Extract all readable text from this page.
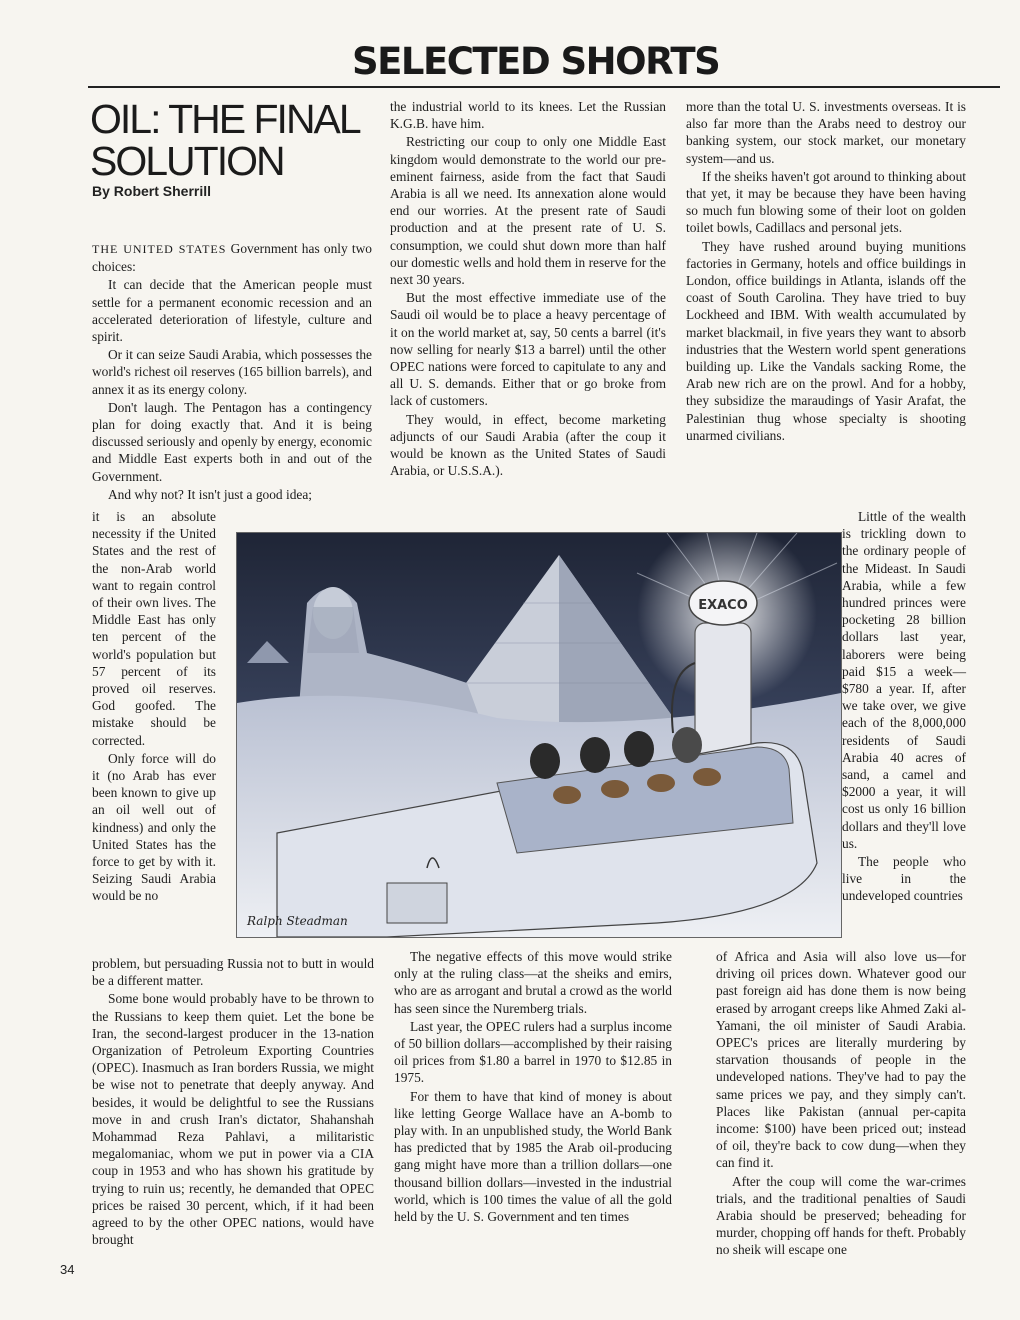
SELECTED SHORTS
OIL: THE FINAL
SOLUTION
By Robert Sherrill

THE UNITED STATES Government has only two choices:

It can decide that the American people must settle for a permanent economic recession and an accelerated deterioration of lifestyle, culture and spirit.

Or it can seize Saudi Arabia, which possesses the world's richest oil reserves (165 billion barrels), and annex it as its energy colony.

Don't laugh. The Pentagon has a contingency plan for doing exactly that. And it is being discussed seriously and openly by energy, economic and Middle East experts both in and out of the Government.

And why not? It isn't just a good idea;

it is an absolute necessity if the United States and the rest of the non-Arab world want to regain control of their own lives. The Middle East has only ten percent of the world's population but 57 percent of its proved oil reserves. God goofed. The mistake should be corrected.

Only force will do it (no Arab has ever been known to give up an oil well out of kindness) and only the United States has the force to get by with it. Seizing Saudi Arabia would be no

problem, but persuading Russia not to butt in would be a different matter.

Some bone would probably have to be thrown to the Russians to keep them quiet. Let the bone be Iran, the second-largest producer in the 13-nation Organization of Petroleum Exporting Countries (OPEC). Inasmuch as Iran borders Russia, we might be wise not to penetrate that deeply anyway. And besides, it would be delightful to see the Russians move in and crush Iran's dictator, Shahanshah Mohammad Reza Pahlavi, a militaristic megalomaniac, whom we put in power via a CIA coup in 1953 and who has shown his gratitude by trying to ruin us; recently, he demanded that OPEC prices be raised 30 percent, which, if it had been agreed to by the other OPEC nations, would have brought

the industrial world to its knees. Let the Russian K.G.B. have him.

Restricting our coup to only one Middle East kingdom would demonstrate to the world our pre-eminent fairness, aside from the fact that Saudi Arabia is all we need. Its annexation alone would end our worries. At the present rate of Saudi production and at the present rate of U. S. consumption, we could shut down more than half our domestic wells and hold them in reserve for the next 30 years.

But the most effective immediate use of the Saudi oil would be to place a heavy percentage of it on the world market at, say, 50 cents a barrel (it's now selling for nearly $13 a barrel) until the other OPEC nations were forced to capitulate to any and all U. S. demands. Either that or go broke from lack of customers.

They would, in effect, become marketing adjuncts of our Saudi Arabia (after the coup it would be known as the United States of Saudi Arabia, or U.S.S.A.).

The negative effects of this move would strike only at the ruling class—at the sheiks and emirs, who are as arrogant and brutal a crowd as the world has seen since the Nuremberg trials.

Last year, the OPEC rulers had a surplus income of 50 billion dollars—accomplished by their raising oil prices from $1.80 a barrel in 1970 to $12.85 in 1975.

For them to have that kind of money is about like letting George Wallace have an A-bomb to play with. In an unpublished study, the World Bank has predicted that by 1985 the Arab oil-producing gang might have more than a trillion dollars—one thousand billion dollars—invested in the industrial world, which is 100 times the value of all the gold held by the U. S. Government and ten times

more than the total U. S. investments overseas. It is also far more than the Arabs need to destroy our banking system, our stock market, our monetary system—and us.

If the sheiks haven't got around to thinking about that yet, it may be because they have been having so much fun blowing some of their loot on golden toilet bowls, Cadillacs and personal jets.

They have rushed around buying munitions factories in Germany, hotels and office buildings in London, office buildings in Atlanta, islands off the coast of South Carolina. They have tried to buy Lockheed and IBM. With wealth accumulated by market blackmail, in five years they want to absorb industries that the Western world spent generations building up. Like the Vandals sacking Rome, the Arab new rich are on the prowl. And for a hobby, they subsidize the maraudings of Yasir Arafat, the Palestinian thug whose specialty is shooting unarmed civilians.

Little of the wealth is trickling down to the ordinary people of the Mideast. In Saudi Arabia, while a few hundred princes were pocketing 28 billion dollars last year, laborers were being paid $15 a week—$780 a year. If, after we take over, we give each of the 8,000,000 residents of Saudi Arabia 40 acres of sand, a camel and $2000 a year, it will cost us only 16 billion dollars and they'll love us.

The people who live in the undeveloped countries

of Africa and Asia will also love us—for driving oil prices down. Whatever good our past foreign aid has done them is now being erased by arrogant creeps like Ahmed Zaki al-Yamani, the oil minister of Saudi Arabia. OPEC's prices are literally murdering by starvation thousands of people in the undeveloped nations. They've had to pay the same prices we pay, and they simply can't. Places like Pakistan (annual per-capita income: $100) have been priced out; instead of oil, they're back to cow dung—when they can find it.

After the coup will come the war-crimes trials, and the traditional penalties of Saudi Arabia should be preserved; beheading for murder, chopping off hands for theft. Probably no sheik will escape one

EXACO
Ralph Steadman
34
